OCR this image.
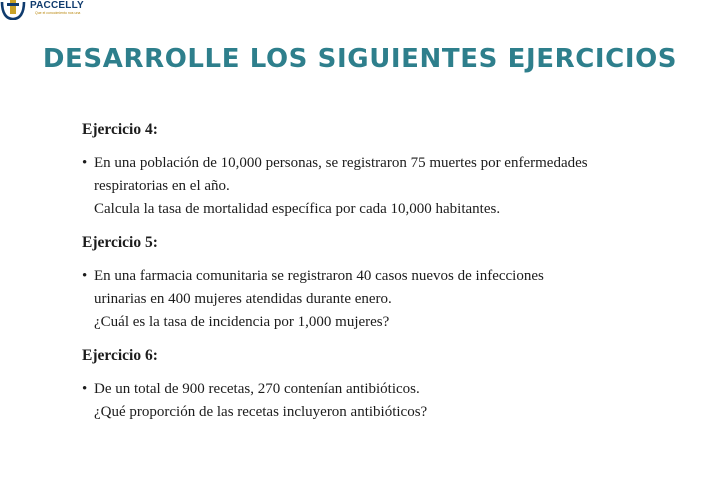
PACCELLY
Que el conocimiento nos una
DESARROLLE LOS SIGUIENTES EJERCICIOS

Ejercicio 4:

• En una población de 10,000 personas, se registraron 75 muertes por enfermedades
respiratorias en el año.
Calcula la tasa de mortalidad específica por cada 10,000 habitantes.

Ejercicio 5:

• En una farmacia comunitaria se registraron 40 casos nuevos de infecciones
urinarias en 400 mujeres atendidas durante enero.
¿Cuál es la tasa de incidencia por 1,000 mujeres?

Ejercicio 6:

• De un total de 900 recetas, 270 contenían antibióticos.
¿Qué proporción de las recetas incluyeron antibióticos?
